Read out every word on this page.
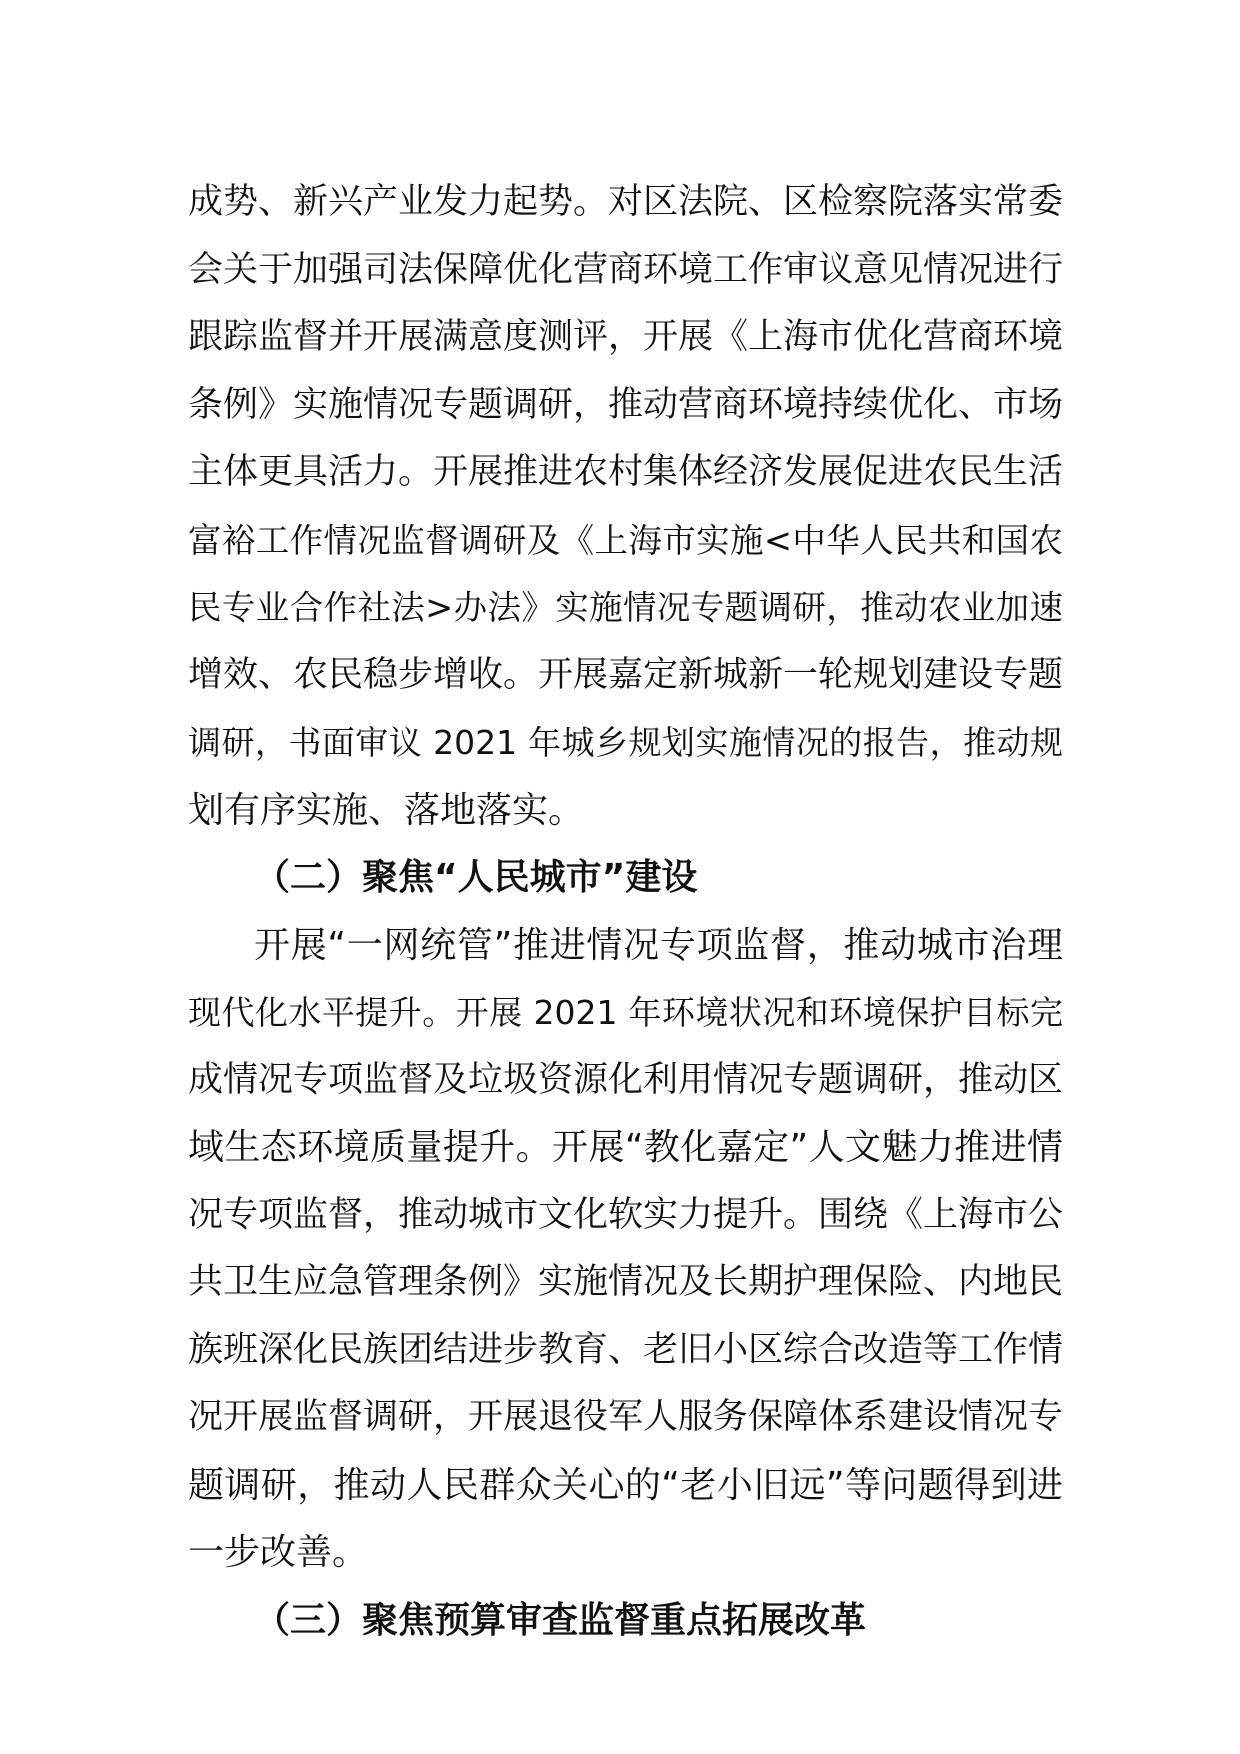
成势、新兴产业发力起势。对区法院、区检察院落实常委
会关于加强司法保障优化营商环境工作审议意见情况进行
跟踪监督并开展满意度测评，开展《上海市优化营商环境
条例》实施情况专题调研，推动营商环境持续优化、市场
主体更具活力。开展推进农村集体经济发展促进农民生活
富裕工作情况监督调研及《上海市实施<中华人民共和国农
民专业合作社法>办法》实施情况专题调研，推动农业加速
增效、农民稳步增收。开展嘉定新城新一轮规划建设专题
调研，书面审议 2021 年城乡规划实施情况的报告，推动规
划有序实施、落地落实。
（二）聚焦“人民城市”建设
开展“一网统管”推进情况专项监督，推动城市治理
现代化水平提升。开展 2021 年环境状况和环境保护目标完
成情况专项监督及垃圾资源化利用情况专题调研，推动区
域生态环境质量提升。开展“教化嘉定”人文魅力推进情
况专项监督，推动城市文化软实力提升。围绕《上海市公
共卫生应急管理条例》实施情况及长期护理保险、内地民
族班深化民族团结进步教育、老旧小区综合改造等工作情
况开展监督调研，开展退役军人服务保障体系建设情况专
题调研，推动人民群众关心的“老小旧远”等问题得到进
一步改善。
（三）聚焦预算审查监督重点拓展改革
